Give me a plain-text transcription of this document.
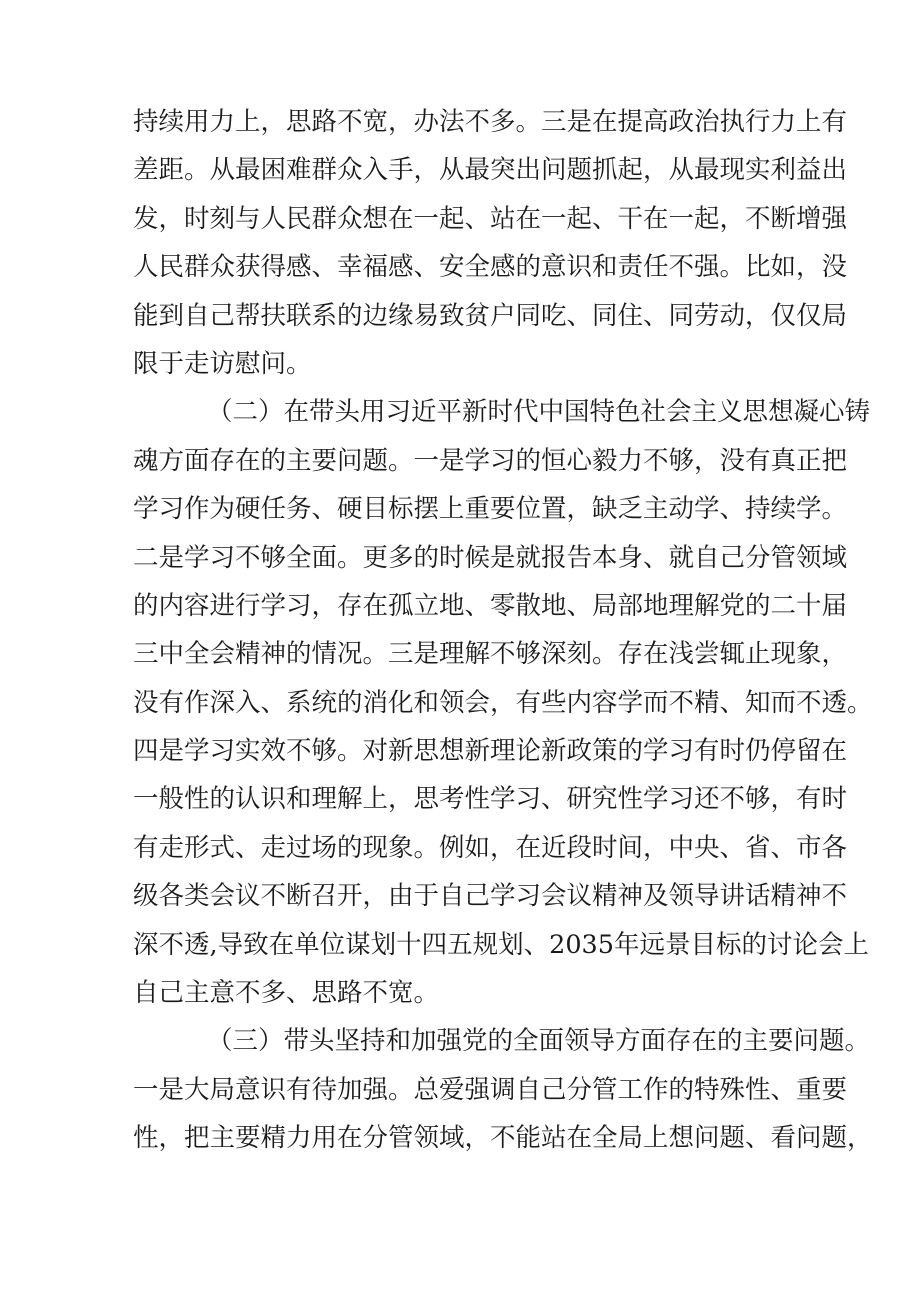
持续用力上，思路不宽，办法不多。三是在提高政治执行力上有
差距。从最困难群众入手，从最突出问题抓起，从最现实利益出
发，时刻与人民群众想在一起、站在一起、干在一起，不断增强
人民群众获得感、幸福感、安全感的意识和责任不强。比如，没
能到自己帮扶联系的边缘易致贫户同吃、同住、同劳动，仅仅局
限于走访慰问。
（二）在带头用习近平新时代中国特色社会主义思想凝心铸
魂方面存在的主要问题。一是学习的恒心毅力不够，没有真正把
学习作为硬任务、硬目标摆上重要位置，缺乏主动学、持续学。
二是学习不够全面。更多的时候是就报告本身、就自己分管领域
的内容进行学习，存在孤立地、零散地、局部地理解党的二十届
三中全会精神的情况。三是理解不够深刻。存在浅尝辄止现象，
没有作深入、系统的消化和领会，有些内容学而不精、知而不透。
四是学习实效不够。对新思想新理论新政策的学习有时仍停留在
一般性的认识和理解上，思考性学习、研究性学习还不够，有时
有走形式、走过场的现象。例如，在近段时间，中央、省、市各
级各类会议不断召开，由于自己学习会议精神及领导讲话精神不
深不透,导致在单位谋划十四五规划、2035年远景目标的讨论会上
自己主意不多、思路不宽。
（三）带头坚持和加强党的全面领导方面存在的主要问题。
一是大局意识有待加强。总爱强调自己分管工作的特殊性、重要
性，把主要精力用在分管领域，不能站在全局上想问题、看问题，
